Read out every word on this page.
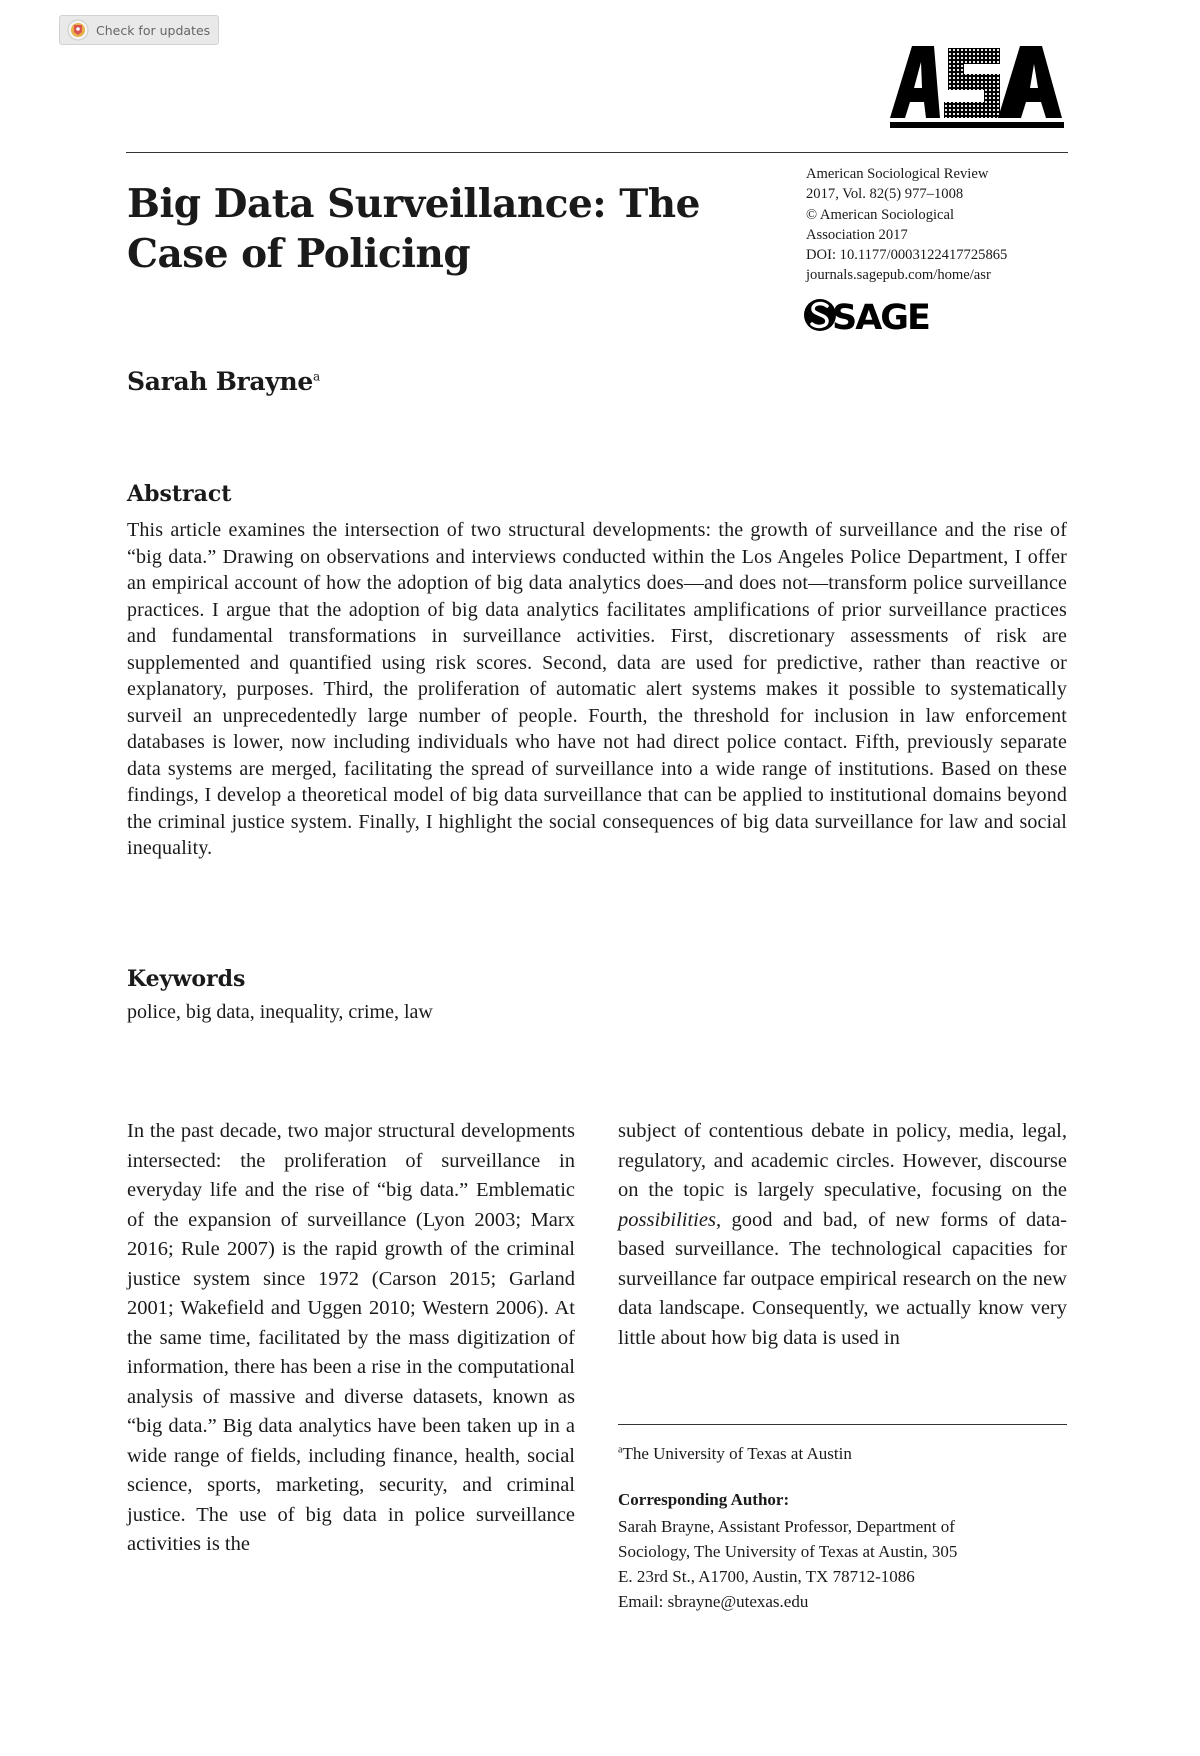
Check for updates
Big Data Surveillance: The Case of Policing
American Sociological Review
2017, Vol. 82(5) 977–1008
© American Sociological
Association 2017
DOI: 10.1177/0003122417725865
journals.sagepub.com/home/asr
SAGE

Sarah Brayne$^a$

Abstract

This article examines the intersection of two structural developments: the growth of surveillance and the rise of “big data.” Drawing on observations and interviews conducted within the Los Angeles Police Department, I offer an empirical account of how the adoption of big data analytics does—and does not—transform police surveillance practices. I argue that the adoption of big data analytics facilitates amplifications of prior surveillance practices and fundamental transformations in surveillance activities. First, discretionary assessments of risk are supplemented and quantified using risk scores. Second, data are used for predictive, rather than reactive or explanatory, purposes. Third, the proliferation of automatic alert systems makes it possible to systematically surveil an unprecedentedly large number of people. Fourth, the threshold for inclusion in law enforcement databases is lower, now including individuals who have not had direct police contact. Fifth, previously separate data systems are merged, facilitating the spread of surveillance into a wide range of institutions. Based on these findings, I develop a theoretical model of big data surveillance that can be applied to institutional domains beyond the criminal justice system. Finally, I highlight the social consequences of big data surveillance for law and social inequality.

Keywords

police, big data, inequality, crime, law

In the past decade, two major structural developments intersected: the proliferation of surveillance in everyday life and the rise of “big data.” Emblematic of the expansion of surveillance (Lyon 2003; Marx 2016; Rule 2007) is the rapid growth of the criminal justice system since 1972 (Carson 2015; Garland 2001; Wakefield and Uggen 2010; Western 2006). At the same time, facilitated by the mass digitization of information, there has been a rise in the computational analysis of massive and diverse datasets, known as “big data.” Big data analytics have been taken up in a wide range of fields, including finance, health, social science, sports, marketing, security, and criminal justice. The use of big data in police surveillance activities is the

subject of contentious debate in policy, media, legal, regulatory, and academic circles. However, discourse on the topic is largely speculative, focusing on the possibilities, good and bad, of new forms of data-based surveillance. The technological capacities for surveillance far outpace empirical research on the new data landscape. Consequently, we actually know very little about how big data is used in

$^a$The University of Texas at Austin

Corresponding Author:

Sarah Brayne, Assistant Professor, Department of
Sociology, The University of Texas at Austin, 305
E. 23rd St., A1700, Austin, TX 78712-1086
Email: sbrayne@utexas.edu
